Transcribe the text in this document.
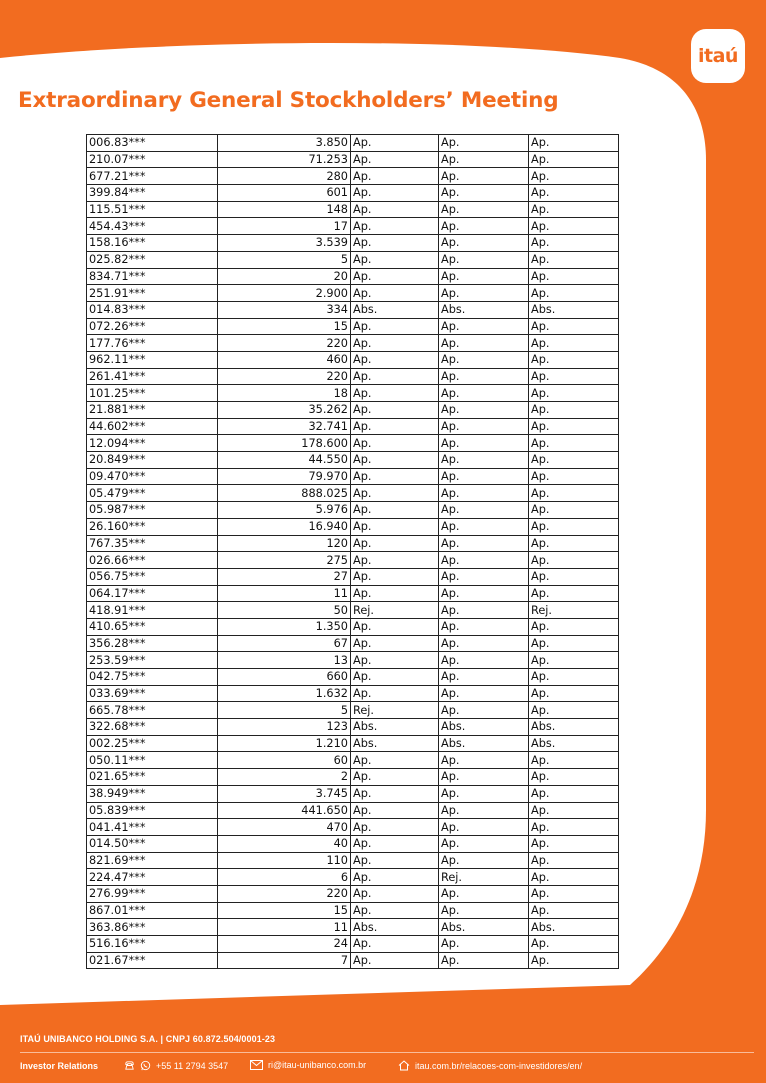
itaú
Extraordinary General Stockholders’ Meeting
006.83***	3.850	Ap.	Ap.	Ap.
210.07***	71.253	Ap.	Ap.	Ap.
677.21***	280	Ap.	Ap.	Ap.
399.84***	601	Ap.	Ap.	Ap.
115.51***	148	Ap.	Ap.	Ap.
454.43***	17	Ap.	Ap.	Ap.
158.16***	3.539	Ap.	Ap.	Ap.
025.82***	5	Ap.	Ap.	Ap.
834.71***	20	Ap.	Ap.	Ap.
251.91***	2.900	Ap.	Ap.	Ap.
014.83***	334	Abs.	Abs.	Abs.
072.26***	15	Ap.	Ap.	Ap.
177.76***	220	Ap.	Ap.	Ap.
962.11***	460	Ap.	Ap.	Ap.
261.41***	220	Ap.	Ap.	Ap.
101.25***	18	Ap.	Ap.	Ap.
21.881***	35.262	Ap.	Ap.	Ap.
44.602***	32.741	Ap.	Ap.	Ap.
12.094***	178.600	Ap.	Ap.	Ap.
20.849***	44.550	Ap.	Ap.	Ap.
09.470***	79.970	Ap.	Ap.	Ap.
05.479***	888.025	Ap.	Ap.	Ap.
05.987***	5.976	Ap.	Ap.	Ap.
26.160***	16.940	Ap.	Ap.	Ap.
767.35***	120	Ap.	Ap.	Ap.
026.66***	275	Ap.	Ap.	Ap.
056.75***	27	Ap.	Ap.	Ap.
064.17***	11	Ap.	Ap.	Ap.
418.91***	50	Rej.	Ap.	Rej.
410.65***	1.350	Ap.	Ap.	Ap.
356.28***	67	Ap.	Ap.	Ap.
253.59***	13	Ap.	Ap.	Ap.
042.75***	660	Ap.	Ap.	Ap.
033.69***	1.632	Ap.	Ap.	Ap.
665.78***	5	Rej.	Ap.	Ap.
322.68***	123	Abs.	Abs.	Abs.
002.25***	1.210	Abs.	Abs.	Abs.
050.11***	60	Ap.	Ap.	Ap.
021.65***	2	Ap.	Ap.	Ap.
38.949***	3.745	Ap.	Ap.	Ap.
05.839***	441.650	Ap.	Ap.	Ap.
041.41***	470	Ap.	Ap.	Ap.
014.50***	40	Ap.	Ap.	Ap.
821.69***	110	Ap.	Ap.	Ap.
224.47***	6	Ap.	Rej.	Ap.
276.99***	220	Ap.	Ap.	Ap.
867.01***	15	Ap.	Ap.	Ap.
363.86***	11	Abs.	Abs.	Abs.
516.16***	24	Ap.	Ap.	Ap.
021.67***	7	Ap.	Ap.	Ap.
ITAÚ UNIBANCO HOLDING S.A. | CNPJ 60.872.504/0001-23
Investor Relations	+55 11 2794 3547	ri@itau-unibanco.com.br	itau.com.br/relacoes-com-investidores/en/
